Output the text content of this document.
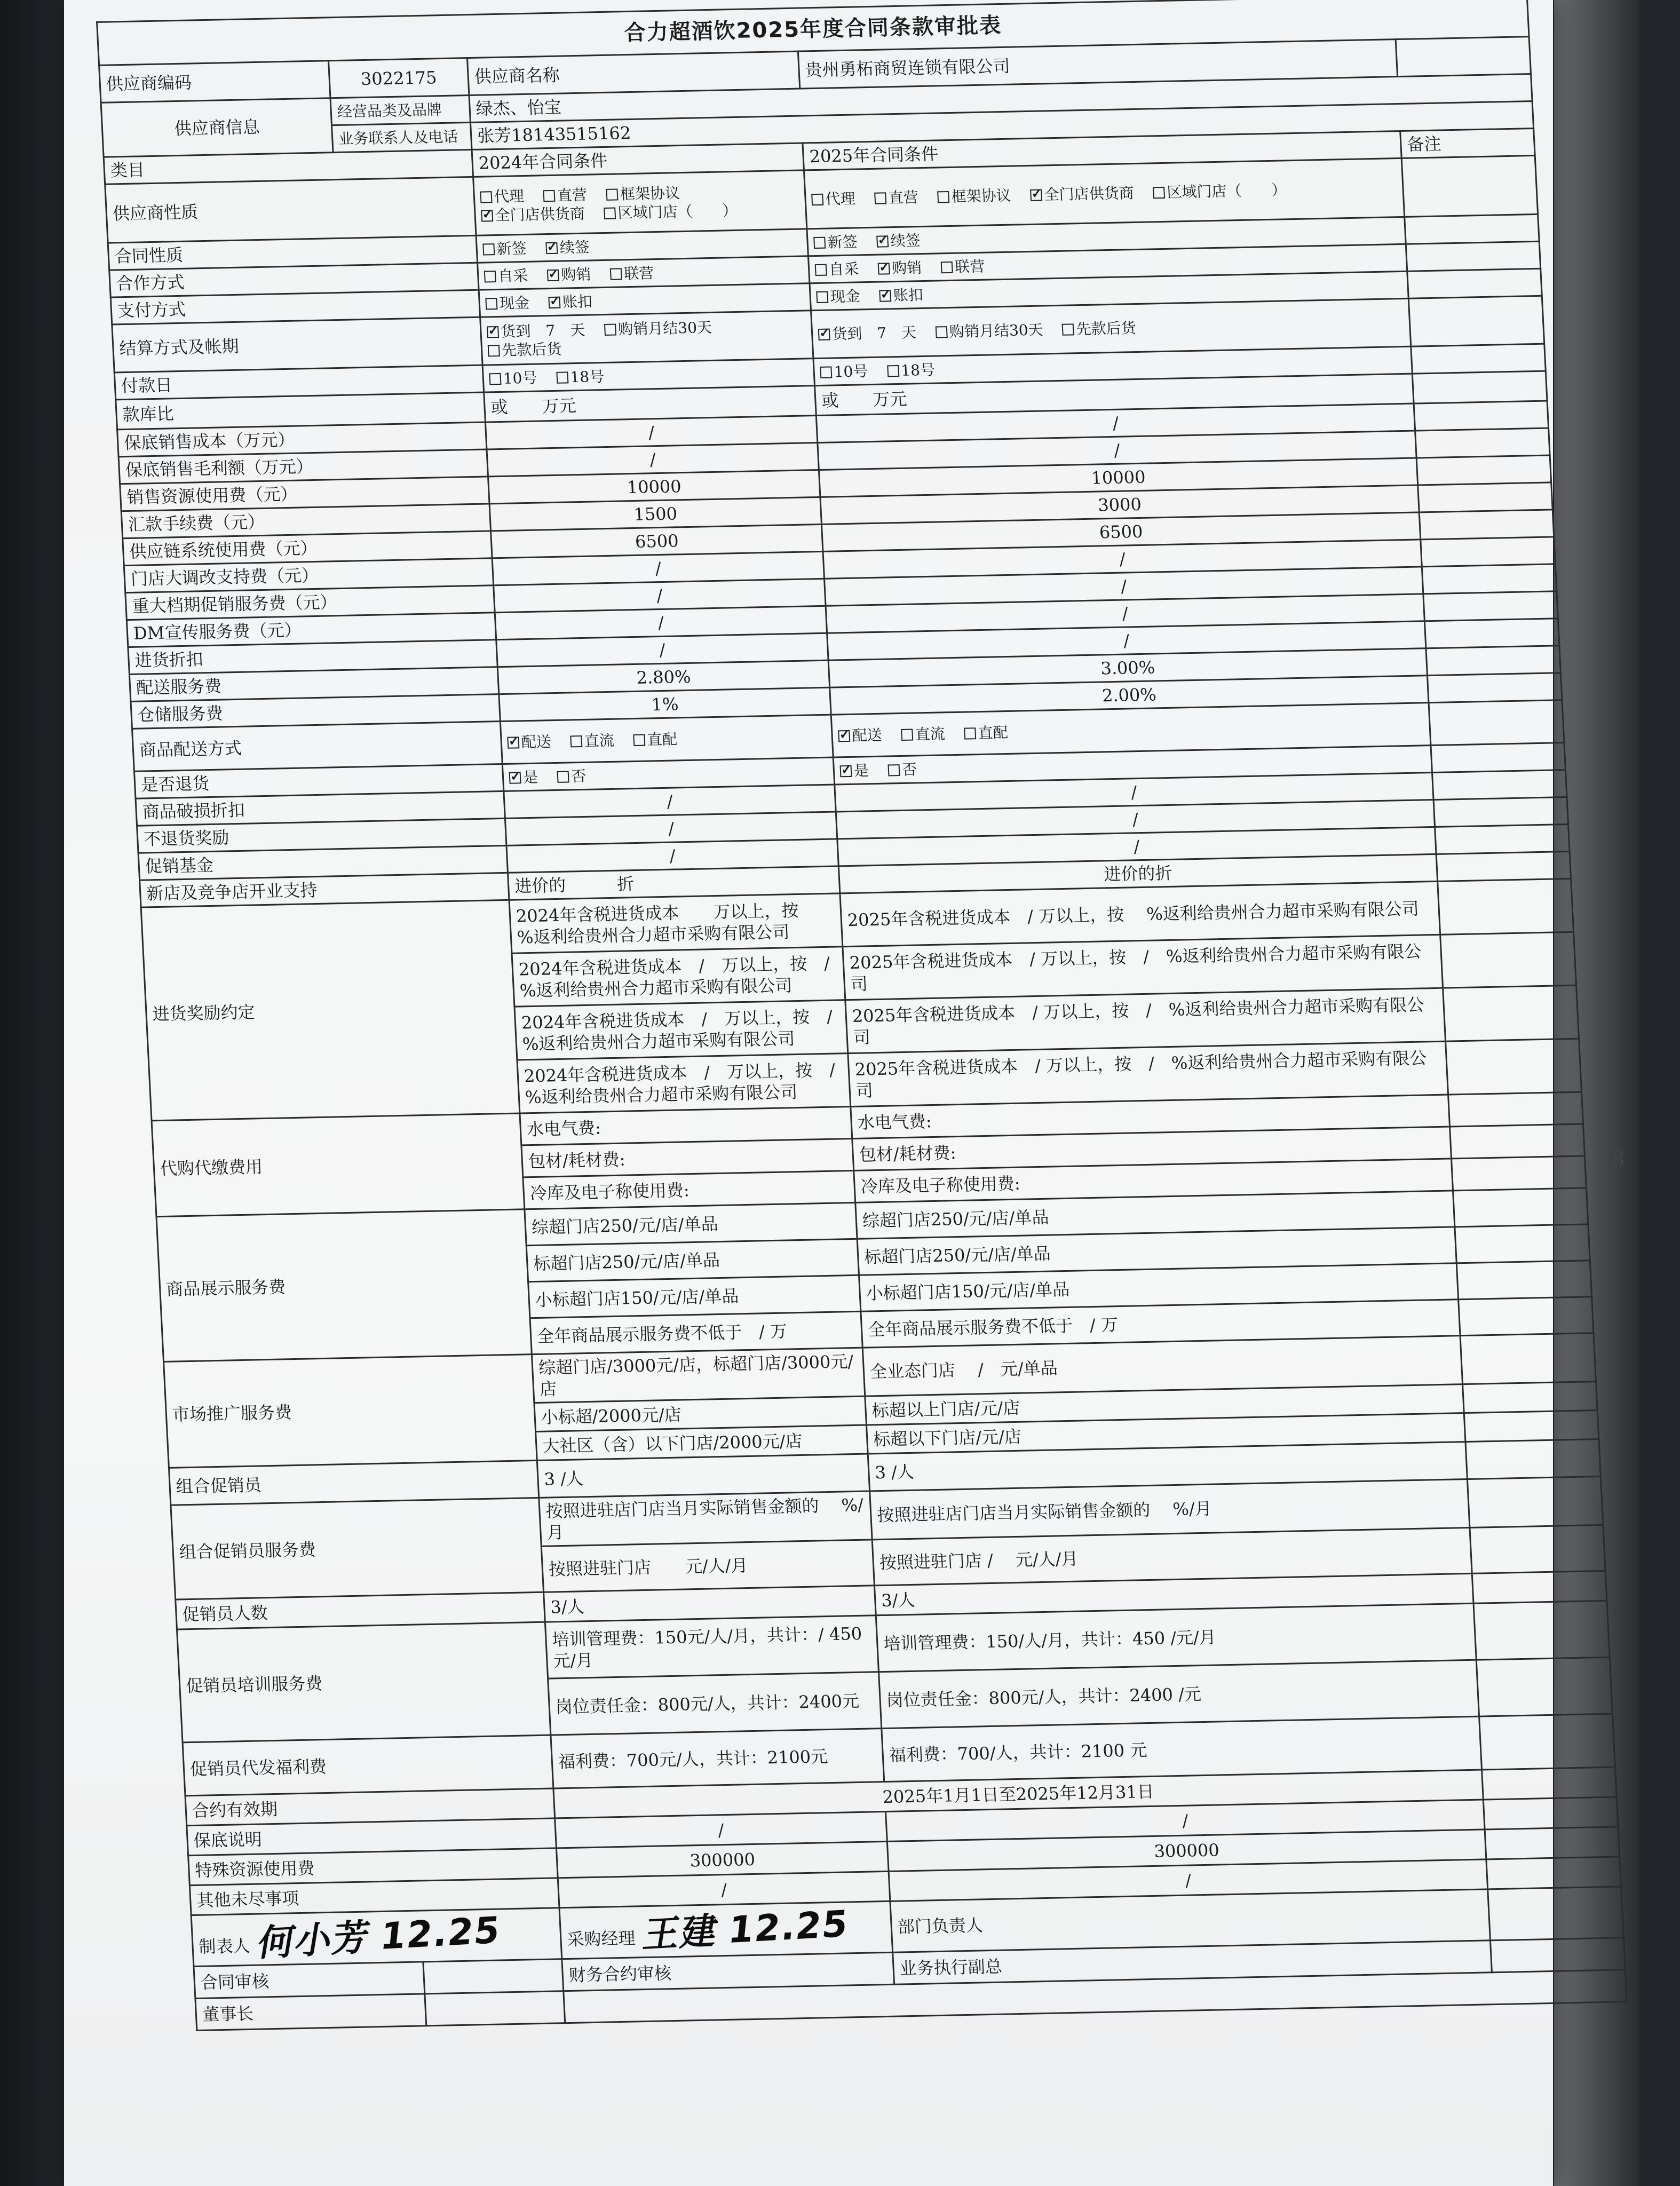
合力超酒饮2025年度合同条款审批表				
供应商编码	3022175	供应商名称	贵州勇柘商贸连锁有限公司	
供应商信息	经营品类及品牌	绿杰、怡宝		
	业务联系人及电话	张芳18143515162		
类目		2024年合同条件	2025年合同条件	备注
供应商性质		代理 直营 框架协议✓全门店供货商 区域门店（　　）	代理 直营 框架协议 ✓ 全门店供货商 区域门店（　　）	
合同性质		新签 ✓ 续签	新签 ✓ 续签	
合作方式		自采 ✓ 购销 联营	自采 ✓ 购销 联营	
支付方式		现金 ✓ 账扣	现金 ✓ 账扣	
结算方式及帐期	✓货到　7　天 购销月结30天先款后货	✓货到　7　天 购销月结30天 先款后货	
付款日		10号 18号	10号 18号	
款库比		或　　万元	或　　万元	
保底销售成本（万元）		/	/	
保底销售毛利额（万元）		/	/	
销售资源使用费（元）		10000	10000	
汇款手续费（元）		1500	3000	
供应链系统使用费（元）		6500	6500	
门店大调改支持费（元）		/	/	
重大档期促销服务费（元）		/	/	
DM宣传服务费（元）		/	/	
进货折扣		/	/	
配送服务费		2.80%	3.00%	
仓储服务费		1%	2.00%	
商品配送方式	✓配送 直流 直配	✓配送 直流 直配	
是否退货	✓是 否	✓是 否	
商品破损折扣		/	/	
不退货奖励		/	/	
促销基金		/	/	
新店及竞争店开业支持		进价的　　　折	进价的折	
进货奖励约定		2024年含税进货成本　　万以上，按　　%返利给贵州合力超市采购有限公司	2025年含税进货成本　/ 万以上，按　 %返利给贵州合力超市采购有限公司	
		2024年含税进货成本　/　万以上，按　/　%返利给贵州合力超市采购有限公司	2025年含税进货成本　/ 万以上，按　/　%返利给贵州合力超市采购有限公司	
		2024年含税进货成本　/　万以上，按　/　%返利给贵州合力超市采购有限公司	2025年含税进货成本　/ 万以上，按　/　%返利给贵州合力超市采购有限公司	
		2024年含税进货成本　/　万以上，按　/　%返利给贵州合力超市采购有限公司	2025年含税进货成本　/ 万以上，按　/　%返利给贵州合力超市采购有限公司	
代购代缴费用		水电气费:	水电气费:	
		包材/耗材费:	包材/耗材费:	
		冷库及电子称使用费:	冷库及电子称使用费:	
商品展示服务费		综超门店250/元/店/单品	综超门店250/元/店/单品	
		标超门店250/元/店/单品	标超门店250/元/店/单品	
		小标超门店150/元/店/单品	小标超门店150/元/店/单品	
		全年商品展示服务费不低于　/ 万	全年商品展示服务费不低于　/ 万	
市场推广服务费		综超门店/3000元/店，标超门店/3000元/店	全业态门店　 /　元/单品	
		小标超/2000元/店	标超以上门店/元/店	
		大社区（含）以下门店/2000元/店	标超以下门店/元/店	
组合促销员		3 /人	3 /人	
组合促销员服务费		按照进驻店门店当月实际销售金额的　 %/月	按照进驻店门店当月实际销售金额的　 %/月	
		按照进驻门店　　元/人/月	按照进驻门店 /　 元/人/月	
促销员人数		3/人	3/人	
促销员培训服务费		培训管理费：150元/人/月，共计：/ 450元/月	培训管理费：150/人/月，共计：450 /元/月	
		岗位责任金：800元/人，共计：2400元	岗位责任金：800元/人，共计：2400 /元	
促销员代发福利费		福利费：700元/人，共计：2100元	福利费：700/人，共计：2100 元	
合约有效期		2025年1月1日至2025年12月31日		
保底说明		/	/	
特殊资源使用费		300000	300000	
其他未尽事项		/	/	
制表人 何小芳 12.25		采购经理 王建 12.25	部门负责人	
合同审核		财务合约审核	业务执行副总	
董事长				
8
